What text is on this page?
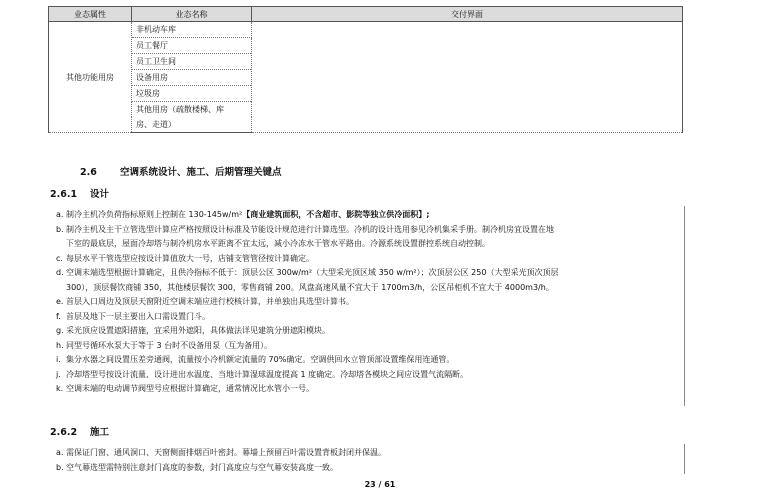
业态属性	业态名称	交付界面
其他功能用房	非机动车库	
	员工餐厅	
	员工卫生间	
	设备用房	
	垃圾房	
	其他用房（疏散楼梯、库	
	房、走道）	
2.6 空调系统设计、施工、后期管理关键点
2.6.1 设计
a. 制冷主机冷负荷指标原则上控制在 130-145w/m²【商业建筑面积，不含超市、影院等独立供冷面积】;
b. 制冷主机及主干立管选型计算应严格按照设计标准及节能设计规范进行计算选型。冷机的设计选用参见冷机集采手册。制冷机房宜设置在地
下室的最底层，屋面冷却塔与制冷机房水平距离不宜太远，减小冷冻水干管水平路由。冷源系统设置群控系统自动控制。
c. 每层水平干管选型应按设计算值放大一号，店铺支管管径按计算确定。
d. 空调末端选型根据计算确定，且供冷指标不低于：顶层公区 300w/m²（大型采光顶区域 350 w/m²）；次顶层公区 250（大型采光顶次顶层
300），顶层餐饮商铺 350，其他楼层餐饮 300，零售商铺 200。风盘高速风量不宜大于 1700m3/h，公区吊柜机不宜大于 4000m3/h。
e. 首层入口周边及顶层天窗附近空调末端应进行校核计算，并单独出具选型计算书。
f. 首层及地下一层主要出入口需设置门斗。
g. 采光顶应设置遮阳措施，宜采用外遮阳，具体做法详见建筑分册遮阳模块。
h. 同型号循环水泵大于等于 3 台时不设备用泵（互为备用）。
i. 集分水器之间设置压差旁通阀，流量按小冷机额定流量的 70%确定。空调供回水立管顶部设置维保用连通管。
j. 冷却塔型号按设计流量、设计进出水温度、当地计算湿球温度提高 1 度确定。冷却塔各模块之间应设置气流隔断。
k. 空调末端的电动调节阀型号应根据计算确定，通常情况比水管小一号。
2.6.2 施工
a. 需保证门窗、通风洞口、天窗侧面排烟百叶密封。幕墙上预留百叶需设置背板封闭并保温。
b. 空气幕选型需特别注意封门高度的参数，封门高度应与空气幕安装高度一致。
23 / 61
